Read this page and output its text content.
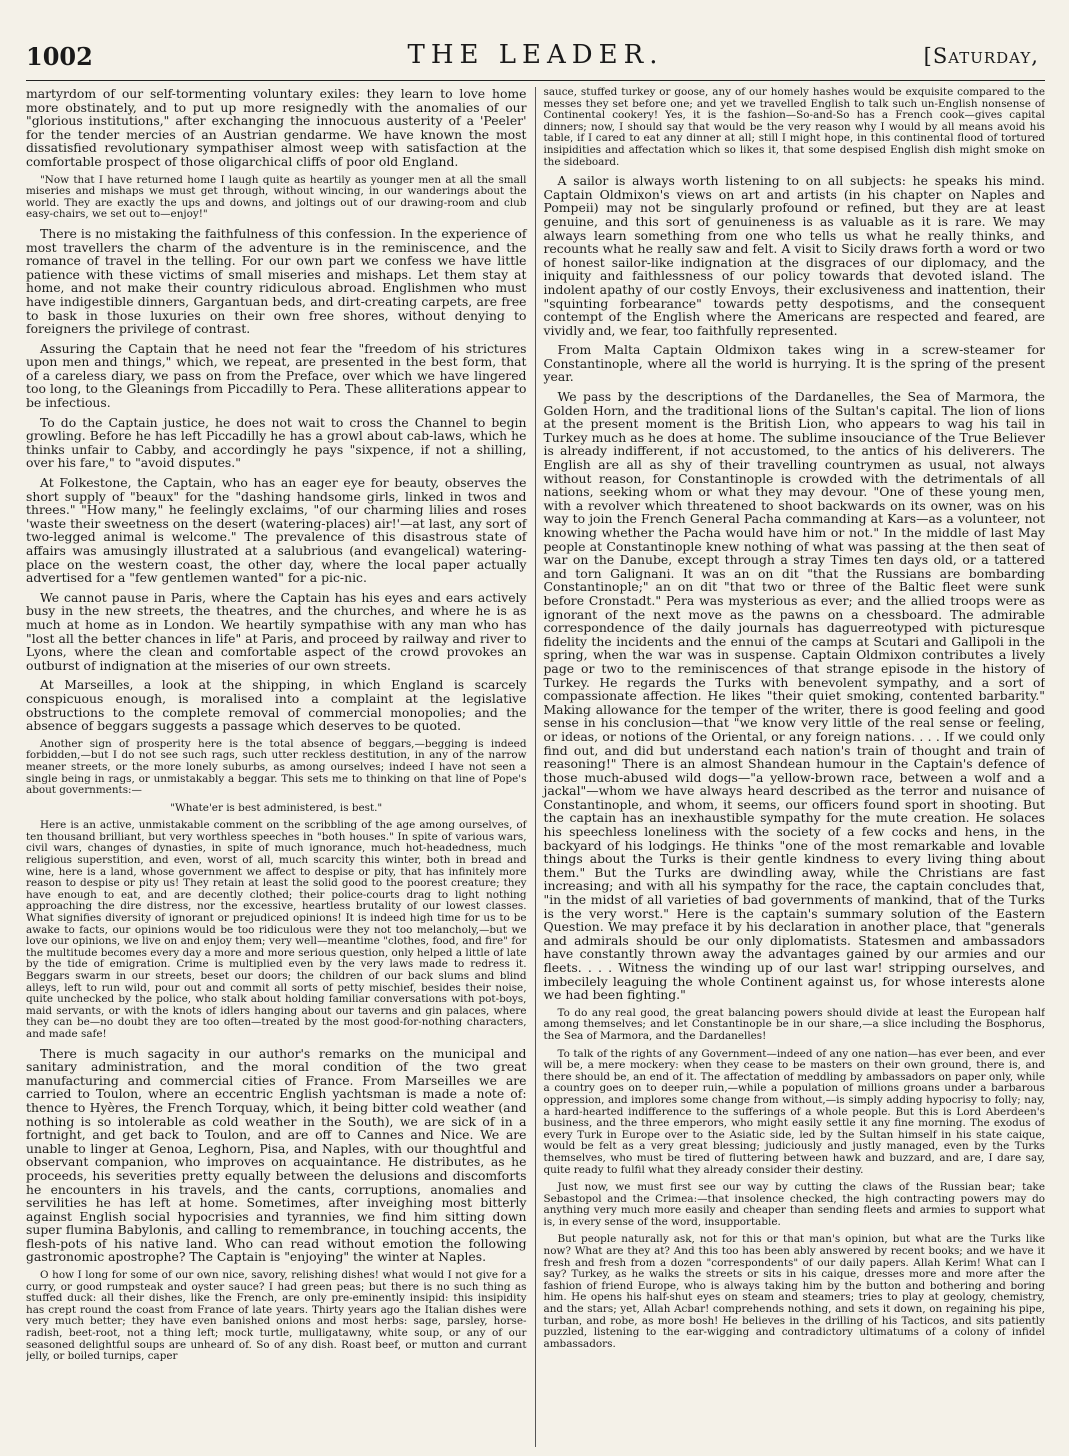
1002	THE LEADER.	[Saturday,

martyrdom of our self-tormenting voluntary exiles: they learn to love home more obstinately, and to put up more resignedly with the anomalies of our "glorious institutions," after exchanging the innocuous austerity of a 'Peeler' for the tender mercies of an Austrian gendarme. We have known the most dissatisfied revolutionary sympathiser almost weep with satisfaction at the comfortable prospect of those oligarchical cliffs of poor old England.

"Now that I have returned home I laugh quite as heartily as younger men at all the small miseries and mishaps we must get through, without wincing, in our wanderings about the world. They are exactly the ups and downs, and joltings out of our drawing-room and club easy-chairs, we set out to—enjoy!"

There is no mistaking the faithfulness of this confession. In the experience of most travellers the charm of the adventure is in the reminiscence, and the romance of travel in the telling. For our own part we confess we have little patience with these victims of small miseries and mishaps. Let them stay at home, and not make their country ridiculous abroad. Englishmen who must have indigestible dinners, Gargantuan beds, and dirt-creating carpets, are free to bask in those luxuries on their own free shores, without denying to foreigners the privilege of contrast.

Assuring the Captain that he need not fear the "freedom of his strictures upon men and things," which, we repeat, are presented in the best form, that of a careless diary, we pass on from the Preface, over which we have lingered too long, to the Gleanings from Piccadilly to Pera. These alliterations appear to be infectious.

To do the Captain justice, he does not wait to cross the Channel to begin growling. Before he has left Piccadilly he has a growl about cab-laws, which he thinks unfair to Cabby, and accordingly he pays "sixpence, if not a shilling, over his fare," to "avoid disputes."

At Folkestone, the Captain, who has an eager eye for beauty, observes the short supply of "beaux" for the "dashing handsome girls, linked in twos and threes." "How many," he feelingly exclaims, "of our charming lilies and roses 'waste their sweetness on the desert (watering-places) air!'—at last, any sort of two-legged animal is welcome." The prevalence of this disastrous state of affairs was amusingly illustrated at a salubrious (and evangelical) watering-place on the western coast, the other day, where the local paper actually advertised for a "few gentlemen wanted" for a pic-nic.

We cannot pause in Paris, where the Captain has his eyes and ears actively busy in the new streets, the theatres, and the churches, and where he is as much at home as in London. We heartily sympathise with any man who has "lost all the better chances in life" at Paris, and proceed by railway and river to Lyons, where the clean and comfortable aspect of the crowd provokes an outburst of indignation at the miseries of our own streets.

At Marseilles, a look at the shipping, in which England is scarcely conspicuous enough, is moralised into a complaint at the legislative obstructions to the complete removal of commercial monopolies; and the absence of beggars suggests a passage which deserves to be quoted.

Another sign of prosperity here is the total absence of beggars,—begging is indeed forbidden,—but I do not see such rags, such utter reckless destitution, in any of the narrow meaner streets, or the more lonely suburbs, as among ourselves; indeed I have not seen a single being in rags, or unmistakably a beggar. This sets me to thinking on that line of Pope's about governments:—

"Whate'er is best administered, is best."

Here is an active, unmistakable comment on the scribbling of the age among ourselves, of ten thousand brilliant, but very worthless speeches in "both houses." In spite of various wars, civil wars, changes of dynasties, in spite of much ignorance, much hot-headedness, much religious superstition, and even, worst of all, much scarcity this winter, both in bread and wine, here is a land, whose government we affect to despise or pity, that has infinitely more reason to despise or pity us! They retain at least the solid good to the poorest creature; they have enough to eat, and are decently clothed; their police-courts drag to light nothing approaching the dire distress, nor the excessive, heartless brutality of our lowest classes. What signifies diversity of ignorant or prejudiced opinions! It is indeed high time for us to be awake to facts, our opinions would be too ridiculous were they not too melancholy,—but we love our opinions, we live on and enjoy them; very well—meantime "clothes, food, and fire" for the multitude becomes every day a more and more serious question, only helped a little of late by the tide of emigration. Crime is multiplied even by the very laws made to redress it. Beggars swarm in our streets, beset our doors; the children of our back slums and blind alleys, left to run wild, pour out and commit all sorts of petty mischief, besides their noise, quite unchecked by the police, who stalk about holding familiar conversations with pot-boys, maid servants, or with the knots of idlers hanging about our taverns and gin palaces, where they can be—no doubt they are too often—treated by the most good-for-nothing characters, and made safe!

There is much sagacity in our author's remarks on the municipal and sanitary administration, and the moral condition of the two great manufacturing and commercial cities of France. From Marseilles we are carried to Toulon, where an eccentric English yachtsman is made a note of: thence to Hyères, the French Torquay, which, it being bitter cold weather (and nothing is so intolerable as cold weather in the South), we are sick of in a fortnight, and get back to Toulon, and are off to Cannes and Nice. We are unable to linger at Genoa, Leghorn, Pisa, and Naples, with our thoughtful and observant companion, who improves on acquaintance. He distributes, as he proceeds, his severities pretty equally between the delusions and discomforts he encounters in his travels, and the cants, corruptions, anomalies and servilities he has left at home. Sometimes, after inveighing most bitterly against English social hypocrisies and tyrannies, we find him sitting down super flumina Babylonis, and calling to remembrance, in touching accents, the flesh-pots of his native land. Who can read without emotion the following gastronomic apostrophe? The Captain is "enjoying" the winter at Naples.

O how I long for some of our own nice, savory, relishing dishes! what would I not give for a curry, or good rumpsteak and oyster sauce? I had green peas; but there is no such thing as stuffed duck: all their dishes, like the French, are only pre-eminently insipid: this insipidity has crept round the coast from France of late years. Thirty years ago the Italian dishes were very much better; they have even banished onions and most herbs: sage, parsley, horse-radish, beet-root, not a thing left; mock turtle, mulligatawny, white soup, or any of our seasoned delightful soups are unheard of. So of any dish. Roast beef, or mutton and currant jelly, or boiled turnips, caper

sauce, stuffed turkey or goose, any of our homely hashes would be exquisite compared to the messes they set before one; and yet we travelled English to talk such un-English nonsense of Continental cookery! Yes, it is the fashion—So-and-So has a French cook—gives capital dinners; now, I should say that would be the very reason why I would by all means avoid his table, if I cared to eat any dinner at all; still I might hope, in this continental flood of tortured insipidities and affectation which so likes it, that some despised English dish might smoke on the sideboard.

A sailor is always worth listening to on all subjects: he speaks his mind. Captain Oldmixon's views on art and artists (in his chapter on Naples and Pompeii) may not be singularly profound or refined, but they are at least genuine, and this sort of genuineness is as valuable as it is rare. We may always learn something from one who tells us what he really thinks, and recounts what he really saw and felt. A visit to Sicily draws forth a word or two of honest sailor-like indignation at the disgraces of our diplomacy, and the iniquity and faithlessness of our policy towards that devoted island. The indolent apathy of our costly Envoys, their exclusiveness and inattention, their "squinting forbearance" towards petty despotisms, and the consequent contempt of the English where the Americans are respected and feared, are vividly and, we fear, too faithfully represented.

From Malta Captain Oldmixon takes wing in a screw-steamer for Constantinople, where all the world is hurrying. It is the spring of the present year.

We pass by the descriptions of the Dardanelles, the Sea of Marmora, the Golden Horn, and the traditional lions of the Sultan's capital. The lion of lions at the present moment is the British Lion, who appears to wag his tail in Turkey much as he does at home. The sublime insouciance of the True Believer is already indifferent, if not accustomed, to the antics of his deliverers. The English are all as shy of their travelling countrymen as usual, not always without reason, for Constantinople is crowded with the detrimentals of all nations, seeking whom or what they may devour. "One of these young men, with a revolver which threatened to shoot backwards on its owner, was on his way to join the French General Pacha commanding at Kars—as a volunteer, not knowing whether the Pacha would have him or not." In the middle of last May people at Constantinople knew nothing of what was passing at the then seat of war on the Danube, except through a stray Times ten days old, or a tattered and torn Galignani. It was an on dit "that the Russians are bombarding Constantinople;" an on dit "that two or three of the Baltic fleet were sunk before Cronstadt." Pera was mysterious as ever; and the allied troops were as ignorant of the next move as the pawns on a chessboard. The admirable correspondence of the daily journals has daguerreotyped with picturesque fidelity the incidents and the ennui of the camps at Scutari and Gallipoli in the spring, when the war was in suspense. Captain Oldmixon contributes a lively page or two to the reminiscences of that strange episode in the history of Turkey. He regards the Turks with benevolent sympathy, and a sort of compassionate affection. He likes "their quiet smoking, contented barbarity." Making allowance for the temper of the writer, there is good feeling and good sense in his conclusion—that "we know very little of the real sense or feeling, or ideas, or notions of the Oriental, or any foreign nations. . . . If we could only find out, and did but understand each nation's train of thought and train of reasoning!" There is an almost Shandean humour in the Captain's defence of those much-abused wild dogs—"a yellow-brown race, between a wolf and a jackal"—whom we have always heard described as the terror and nuisance of Constantinople, and whom, it seems, our officers found sport in shooting. But the captain has an inexhaustible sympathy for the mute creation. He solaces his speechless loneliness with the society of a few cocks and hens, in the backyard of his lodgings. He thinks "one of the most remarkable and lovable things about the Turks is their gentle kindness to every living thing about them." But the Turks are dwindling away, while the Christians are fast increasing; and with all his sympathy for the race, the captain concludes that, "in the midst of all varieties of bad governments of mankind, that of the Turks is the very worst." Here is the captain's summary solution of the Eastern Question. We may preface it by his declaration in another place, that "generals and admirals should be our only diplomatists. Statesmen and ambassadors have constantly thrown away the advantages gained by our armies and our fleets. . . . Witness the winding up of our last war! stripping ourselves, and imbecilely leaguing the whole Continent against us, for whose interests alone we had been fighting."

To do any real good, the great balancing powers should divide at least the European half among themselves; and let Constantinople be in our share,—a slice including the Bosphorus, the Sea of Marmora, and the Dardanelles!

To talk of the rights of any Government—indeed of any one nation—has ever been, and ever will be, a mere mockery: when they cease to be masters on their own ground, there is, and there should be, an end of it. The affectation of meddling by ambassadors on paper only, while a country goes on to deeper ruin,—while a population of millions groans under a barbarous oppression, and implores some change from without,—is simply adding hypocrisy to folly; nay, a hard-hearted indifference to the sufferings of a whole people. But this is Lord Aberdeen's business, and the three emperors, who might easily settle it any fine morning. The exodus of every Turk in Europe over to the Asiatic side, led by the Sultan himself in his state caique, would be felt as a very great blessing; judiciously and justly managed, even by the Turks themselves, who must be tired of fluttering between hawk and buzzard, and are, I dare say, quite ready to fulfil what they already consider their destiny.

Just now, we must first see our way by cutting the claws of the Russian bear; take Sebastopol and the Crimea:—that insolence checked, the high contracting powers may do anything very much more easily and cheaper than sending fleets and armies to support what is, in every sense of the word, insupportable.

But people naturally ask, not for this or that man's opinion, but what are the Turks like now? What are they at? And this too has been ably answered by recent books; and we have it fresh and fresh from a dozen "correspondents" of our daily papers. Allah Kerim! What can I say? Turkey, as he walks the streets or sits in his caique, dresses more and more after the fashion of friend Europe, who is always taking him by the button and bothering and boring him. He opens his half-shut eyes on steam and steamers; tries to play at geology, chemistry, and the stars; yet, Allah Acbar! comprehends nothing, and sets it down, on regaining his pipe, turban, and robe, as more bosh! He believes in the drilling of his Tacticos, and sits patiently puzzled, listening to the ear-wigging and contradictory ultimatums of a colony of infidel ambassadors.
